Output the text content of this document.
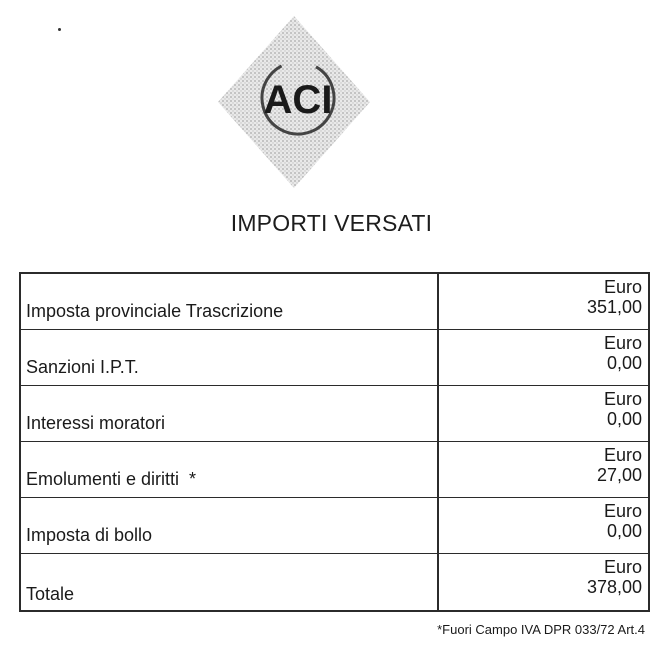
ACI
IMPORTI VERSATI
Imposta provinciale Trascrizione
Euro
351,00
Sanzioni I.P.T.
Euro
0,00
Interessi moratori
Euro
0,00
Emolumenti e diritti  *
Euro
27,00
Imposta di bollo
Euro
0,00
Totale
Euro
378,00
*Fuori Campo IVA DPR 033/72 Art.4
